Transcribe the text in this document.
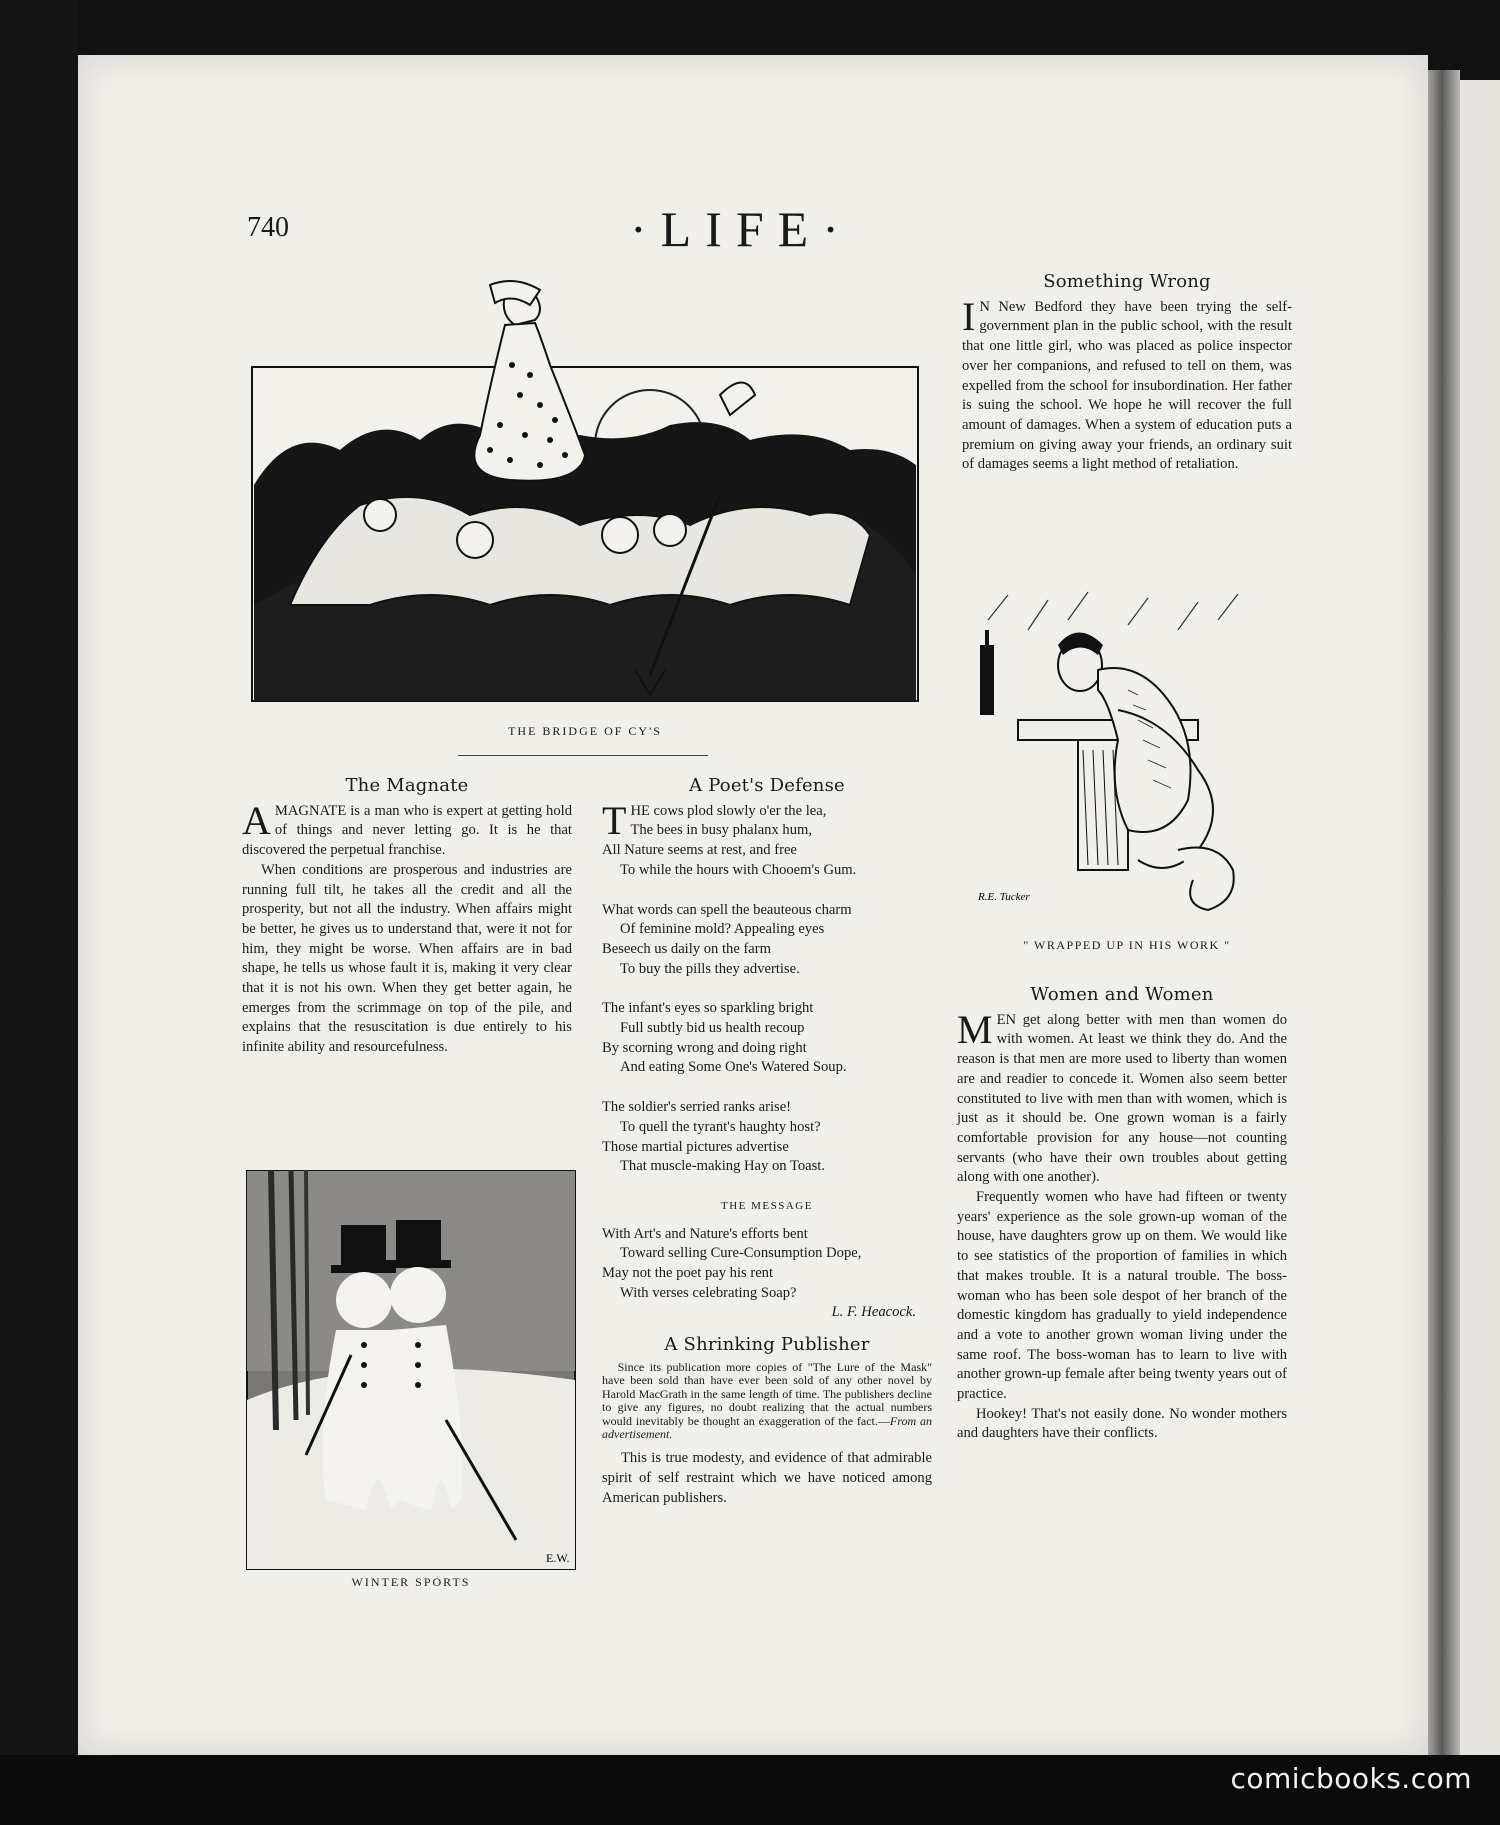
740	·LIFE·
THE BRIDGE OF CY'S
The Magnate

AMAGNATE is a man who is expert at getting hold of things and never letting go. It is he that discovered the perpetual franchise.

When conditions are prosperous and industries are running full tilt, he takes all the credit and all the prosperity, but not all the industry. When affairs might be better, he gives us to understand that, were it not for him, they might be worse. When affairs are in bad shape, he tells us whose fault it is, making it very clear that it is not his own. When they get better again, he emerges from the scrimmage on top of the pile, and explains that the resuscitation is due entirely to his infinite ability and resourcefulness.

E.W.
WINTER SPORTS
A Poet's Defense
T HE cows plod slowly o'er the lea,
The bees in busy phalanx hum,
All Nature seems at rest, and free
To while the hours with Chooem's Gum.
What words can spell the beauteous charm
Of feminine mold? Appealing eyes
Beseech us daily on the farm
To buy the pills they advertise.
The infant's eyes so sparkling bright
Full subtly bid us health recoup
By scorning wrong and doing right
And eating Some One's Watered Soup.
The soldier's serried ranks arise!
To quell the tyrant's haughty host?
Those martial pictures advertise
That muscle-making Hay on Toast.
THE MESSAGE
With Art's and Nature's efforts bent
Toward selling Cure-Consumption Dope,
May not the poet pay his rent
With verses celebrating Soap?
L. F. Heacock.
A Shrinking Publisher

Since its publication more copies of "The Lure of the Mask" have been sold than have ever been sold of any other novel by Harold MacGrath in the same length of time. The publishers decline to give any figures, no doubt realizing that the actual numbers would inevitably be thought an exaggeration of the fact.—From an advertisement.

This is true modesty, and evidence of that admirable spirit of self restraint which we have noticed among American publishers.

Something Wrong

I N New Bedford they have been trying the self-government plan in the public school, with the result that one little girl, who was placed as police inspector over her companions, and refused to tell on them, was expelled from the school for insubordination. Her father is suing the school. We hope he will recover the full amount of damages. When a system of education puts a premium on giving away your friends, an ordinary suit of damages seems a light method of retaliation.

R.E. Tucker
" WRAPPED UP IN HIS WORK "
Women and Women

MEN get along better with men than women do with women. At least we think they do. And the reason is that men are more used to liberty than women are and readier to concede it. Women also seem better constituted to live with men than with women, which is just as it should be. One grown woman is a fairly comfortable provision for any house—not counting servants (who have their own troubles about getting along with one another).

Frequently women who have had fifteen or twenty years' experience as the sole grown-up woman of the house, have daughters grow up on them. We would like to see statistics of the proportion of families in which that makes trouble. It is a natural trouble. The boss-woman who has been sole despot of her branch of the domestic kingdom has gradually to yield independence and a vote to another grown woman living under the same roof. The boss-woman has to learn to live with another grown-up female after being twenty years out of practice.

Hookey! That's not easily done. No wonder mothers and daughters have their conflicts.

comicbooks.com
